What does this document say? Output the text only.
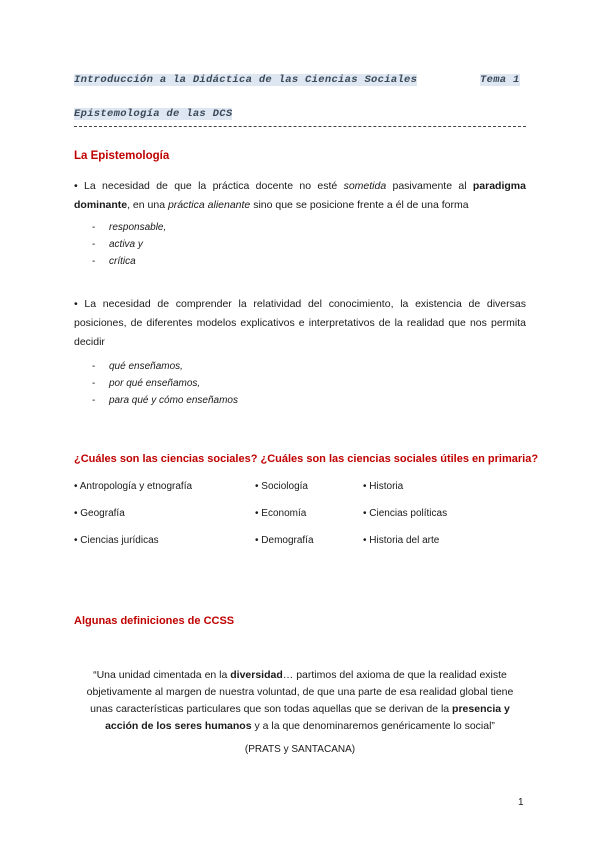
Introducción a la Didáctica de las Ciencias Sociales	Tema 1
Epistemología de las DCS
La Epistemología
• La necesidad de que la práctica docente no esté sometida pasivamente al paradigma dominante, en una práctica alienante sino que se posicione frente a él de una forma
- responsable,
- activa y
- crítica
• La necesidad de comprender la relatividad del conocimiento, la existencia de diversas posiciones, de diferentes modelos explicativos e interpretativos de la realidad que nos permita decidir
- qué enseñamos,
- por qué enseñamos,
- para qué y cómo enseñamos
¿Cuáles son las ciencias sociales? ¿Cuáles son las ciencias sociales útiles en primaria?
• Antropología y etnografía
• Geografía
• Ciencias jurídicas
• Sociología
• Economía
• Demografía
• Historia
• Ciencias políticas
• Historia del arte
Algunas definiciones de CCSS
“Una unidad cimentada en la diversidad… partimos del axioma de que la realidad existe objetivamente al margen de nuestra voluntad, de que una parte de esa realidad global tiene unas características particulares que son todas aquellas que se derivan de la presencia y acción de los seres humanos y a la que denominaremos genéricamente lo social”
(PRATS y SANTACANA)
1
